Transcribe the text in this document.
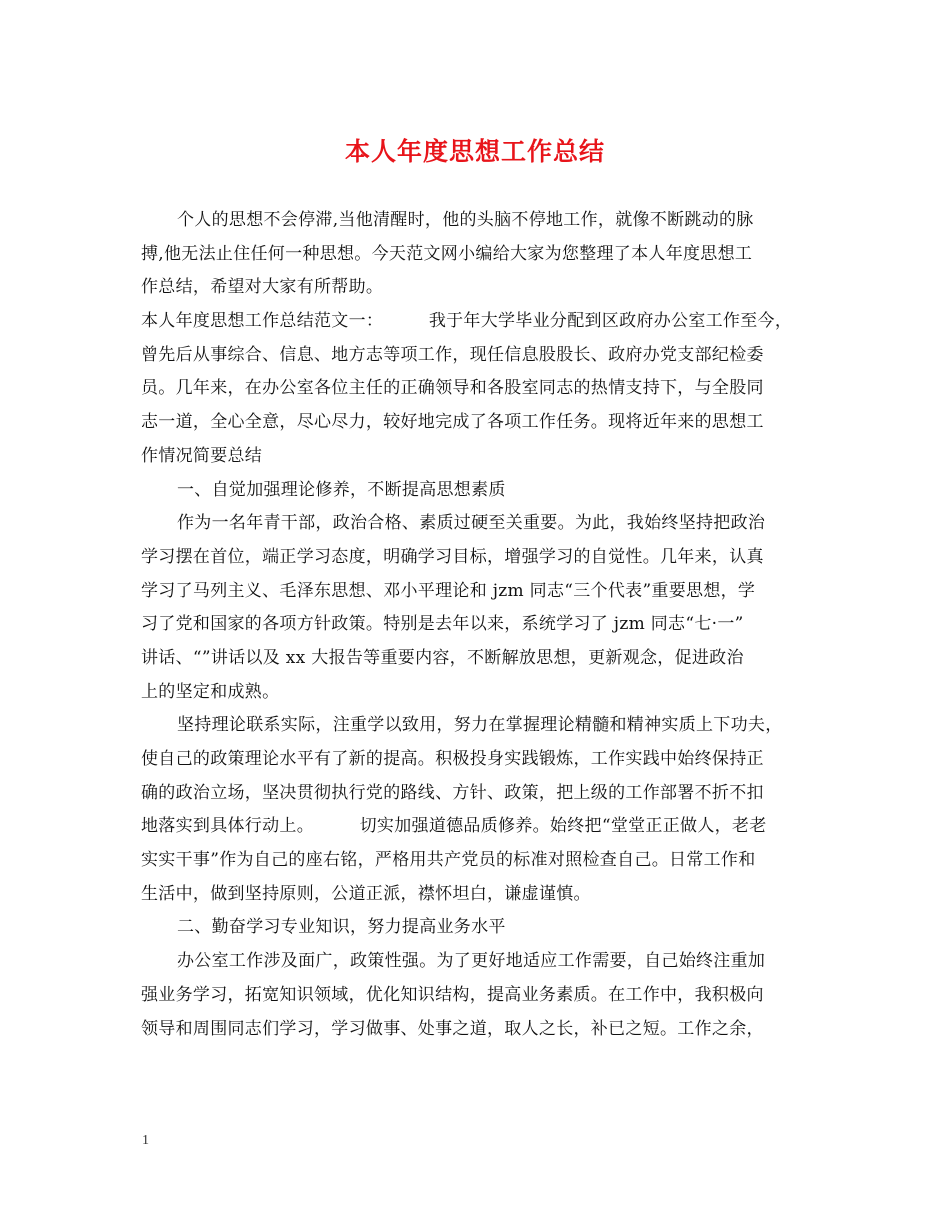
本人年度思想工作总结
个人的思想不会停滞,当他清醒时，他的头脑不停地工作，就像不断跳动的脉
搏,他无法止住任何一种思想。今天范文网小编给大家为您整理了本人年度思想工
作总结，希望对大家有所帮助。
本人年度思想工作总结范文一：        我于年大学毕业分配到区政府办公室工作至今，
曾先后从事综合、信息、地方志等项工作，现任信息股股长、政府办党支部纪检委
员。几年来，在办公室各位主任的正确领导和各股室同志的热情支持下，与全股同
志一道，全心全意，尽心尽力，较好地完成了各项工作任务。现将近年来的思想工
作情况简要总结
一、自觉加强理论修养，不断提高思想素质
作为一名年青干部，政治合格、素质过硬至关重要。为此，我始终坚持把政治
学习摆在首位，端正学习态度，明确学习目标，增强学习的自觉性。几年来，认真
学习了马列主义、毛泽东思想、邓小平理论和 jzm 同志“三个代表”重要思想，学
习了党和国家的各项方针政策。特别是去年以来，系统学习了 jzm 同志“七·一”
讲话、“”讲话以及 xx 大报告等重要内容，不断解放思想，更新观念，促进政治
上的坚定和成熟。
坚持理论联系实际，注重学以致用，努力在掌握理论精髓和精神实质上下功夫，
使自己的政策理论水平有了新的提高。积极投身实践锻炼，工作实践中始终保持正
确的政治立场，坚决贯彻执行党的路线、方针、政策，把上级的工作部署不折不扣
地落实到具体行动上。        切实加强道德品质修养。始终把“堂堂正正做人，老老
实实干事”作为自己的座右铭，严格用共产党员的标准对照检查自己。日常工作和
生活中，做到坚持原则，公道正派，襟怀坦白，谦虚谨慎。
二、勤奋学习专业知识，努力提高业务水平
办公室工作涉及面广，政策性强。为了更好地适应工作需要，自己始终注重加
强业务学习，拓宽知识领域，优化知识结构，提高业务素质。在工作中，我积极向
领导和周围同志们学习，学习做事、处事之道，取人之长，补已之短。工作之余，
1
